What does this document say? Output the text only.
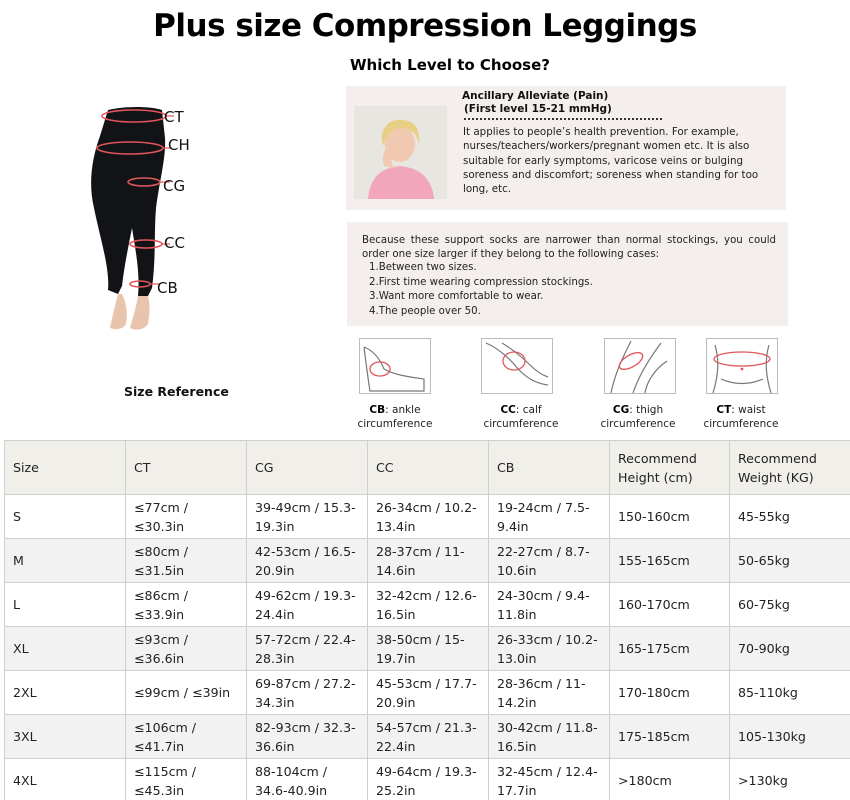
Plus size Compression Leggings
Which Level to Choose?
CT
CH
CG
CC
CB
Ancillary Alleviate (Pain)
(First level 15-21 mmHg)
It applies to people’s health prevention. For example, nurses/teachers/workers/pregnant women etc. It is also suitable for early symptoms, varicose veins or bulging soreness and discomfort; soreness when standing for too long, etc.
Because these support socks are narrower than normal stockings, you could order one size larger if they belong to the following cases:
1.Between two sizes.
2.First time wearing compression stockings.
3.Want more comfortable to wear.
4.The people over 50.
CB: ankle
circumference
CC: calf
circumference
CG: thigh
circumference
CT: waist
circumference
Size Reference
Size	CT	CG	CC	CB	Recommend Height (cm)	Recommend Weight (KG)
S	≤77cm / ≤30.3in	39-49cm / 15.3-19.3in	26-34cm / 10.2-13.4in	19-24cm / 7.5-9.4in	150-160cm	45-55kg
M	≤80cm / ≤31.5in	42-53cm / 16.5-20.9in	28-37cm / 11-14.6in	22-27cm / 8.7-10.6in	155-165cm	50-65kg
L	≤86cm / ≤33.9in	49-62cm / 19.3-24.4in	32-42cm / 12.6-16.5in	24-30cm / 9.4-11.8in	160-170cm	60-75kg
XL	≤93cm / ≤36.6in	57-72cm / 22.4-28.3in	38-50cm / 15-19.7in	26-33cm / 10.2-13.0in	165-175cm	70-90kg
2XL	≤99cm / ≤39in	69-87cm / 27.2-34.3in	45-53cm / 17.7-20.9in	28-36cm / 11-14.2in	170-180cm	85-110kg
3XL	≤106cm / ≤41.7in	82-93cm / 32.3-36.6in	54-57cm / 21.3-22.4in	30-42cm / 11.8-16.5in	175-185cm	105-130kg
4XL	≤115cm / ≤45.3in	88-104cm / 34.6-40.9in	49-64cm / 19.3-25.2in	32-45cm / 12.4-17.7in	>180cm	>130kg
